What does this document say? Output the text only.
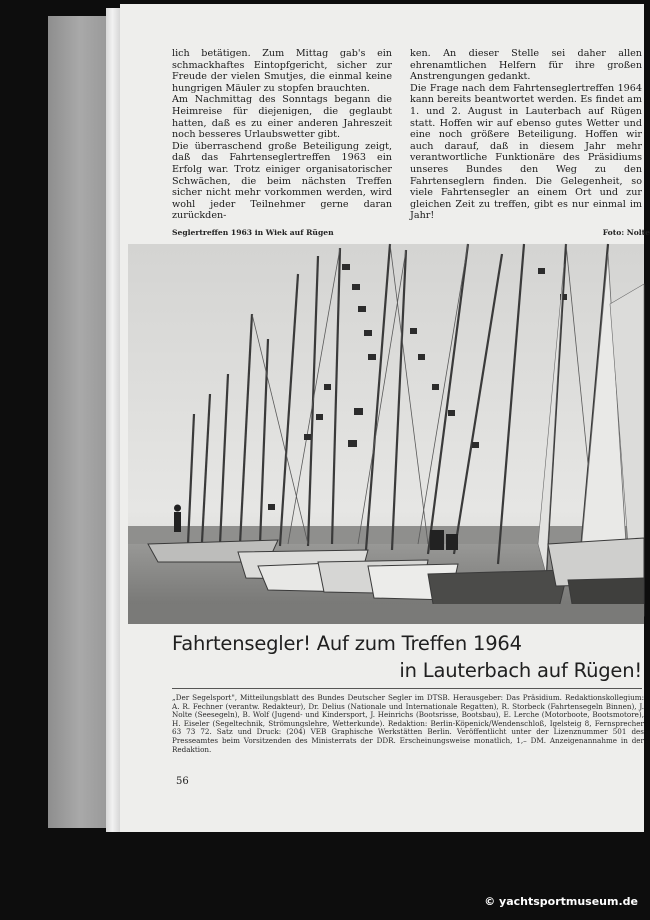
lich betätigen. Zum Mittag gab's ein schmackhaftes Eintopfgericht, sicher zur Freude der vielen Smutjes, die einmal keine hungrigen Mäuler zu stopfen brauchten.

Am Nachmittag des Sonntags begann die Heimreise für diejenigen, die geglaubt hatten, daß es zu einer anderen Jahreszeit noch besseres Urlaubswetter gibt.

Die überraschend große Beteiligung zeigt, daß das Fahrtenseglertreffen 1963 ein Erfolg war. Trotz einiger organisatorischer Schwächen, die beim nächsten Treffen sicher nicht mehr vorkommen werden, wird wohl jeder Teilnehmer gerne daran zurückden-

ken. An dieser Stelle sei daher allen ehrenamtlichen Helfern für ihre großen Anstrengungen gedankt.

Die Frage nach dem Fahrtenseglertreffen 1964 kann bereits beantwortet werden. Es findet am 1. und 2. August in Lauterbach auf Rügen statt. Hoffen wir auf ebenso gutes Wetter und eine noch größere Beteiligung. Hoffen wir auch darauf, daß in diesem Jahr mehr verantwortliche Funktionäre des Präsidiums unseres Bundes den Weg zu den Fahrtenseglern finden. Die Gelegenheit, so viele Fahrtensegler an einem Ort und zur gleichen Zeit zu treffen, gibt es nur einmal im Jahr!

Seglertreffen 1963 in Wiek auf Rügen	Foto: Nolte
Fahrtensegler! Auf zum Treffen 1964
in Lauterbach auf Rügen!
„Der Segelsport", Mitteilungsblatt des Bundes Deutscher Segler im DTSB. Herausgeber: Das Präsidium. Redaktionskollegium: A. R. Fechner (verantw. Redakteur), Dr. Delius (Nationale und Internationale Regatten), R. Storbeck (Fahrtensegeln Binnen), J. Nolte (Seesegeln), B. Wolf (Jugend- und Kindersport, J. Heinrichs (Bootsrisse, Bootsbau), E. Lerche (Motorboote, Bootsmotore), H. Eiseler (Segeltechnik, Strömungslehre, Wetterkunde). Redaktion: Berlin-Köpenick/Wendenschloß, Igelsteig 8, Fernsprecher 63 73 72. Satz und Druck: (204) VEB Graphische Werkstätten Berlin. Veröffentlicht unter der Lizenznummer 501 des Presseamtes beim Vorsitzenden des Ministerrats der DDR. Erscheinungsweise monatlich, 1,– DM. Anzeigenannahme in der Redaktion.
56
© yachtsportmuseum.de
